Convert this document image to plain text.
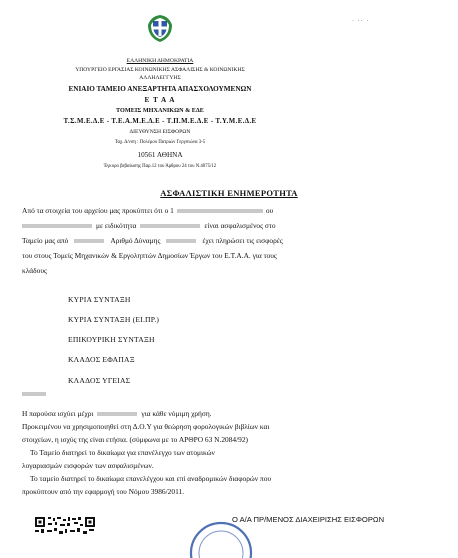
· ·· ·
ΕΛΛΗΝΙΚΗ ΔΗΜΟΚΡΑΤΙΑ
ΥΠΟΥΡΓΕΙΟ ΕΡΓΑΣΙΑΣ ΚΟΙΝΩΝΙΚΗΣ ΑΣΦΑΛΙΣΗΣ & ΚΟΙΝΩΝΙΚΗΣ
ΑΛΛΗΛΕΓΓΥΗΣ
ΕΝΙΑΙΟ ΤΑΜΕΙΟ ΑΝΕΞΑΡΤΗΤΑ ΑΠΑΣΧΟΛΟΥΜΕΝΩΝ
Ε Τ Α Α
ΤΟΜΕΙΣ ΜΗΧΑΝΙΚΩΝ & ΕΔΕ
Τ.Σ.Μ.Ε.Δ.Ε - Τ.Ε.Α.Μ.Ε.Δ.Ε - Τ.Π.Μ.Ε.Δ.Ε - Τ.Υ.Μ.Ε.Δ.Ε
ΔΙΕΥΘΥΝΣΗ ΕΙΣΦΟΡΩΝ
Ταχ. Δ/νση : Πολέμου Πατριών Γεργσιώνα 3-5
10561 ΑΘΗΝΑ
Έγκυρο βεβαίωσης Παρ.12 του Άρθρου 24 του Ν.4075/12
ΑΣΦΑΛΙΣΤΙΚΗ ΕΝΗΜΕΡΟΤΗΤΑ
Από τα στοιχεία του αρχείου μας προκύπτει ότι ο 1	ου
με ειδικότητα	είναι ασφαλισμένος στο
Ταμείο μας από	Αριθμό Δύναμης	έχει πληρώσει τις εισφορές
του στους Τομείς Μηχανικών & Εργοληπτών Δημοσίων Έργων του Ε.Τ.Α.Α. για τους
κλάδους
ΚΥΡΙΑ ΣΥΝΤΑΞΗ
ΚΥΡΙΑ ΣΥΝΤΑΞΗ (ΕΙ.ΠΡ.)
ΕΠΙΚΟΥΡΙΚΗ ΣΥΝΤΑΞΗ
ΚΛΑΔΟΣ ΕΦΑΠΑΞ
ΚΛΑΔΟΣ ΥΓΕΙΑΣ
Η παρούσα ισχύει μέχρι	για κάθε νόμιμη χρήση.
Προκειμένου να χρησιμοποιηθεί στη Δ.Ο.Υ για θεώρηση φορολογικών βιβλίων και
στοιχείων, η ισχύς της είναι ετήσια. (σύμφωνα με το ΑΡΘΡΟ 63 Ν.2084/92)
Το Ταμείο διατηρεί το δικαίωμα για επανέλεγχο των ατομικών
λογαριασμών εισφορών των ασφαλισμένων.
Το ταμείο διατηρεί το δικαίωμα επανελέγχου και επί αναδρομικών διαφορών που
προκύπτουν από την εφαρμογή του Νόμου 3986/2011.
Ο Α/Α ΠΡ/ΜΕΝΟΣ ΔΙΑΧΕΙΡΙΣΗΣ ΕΙΣΦΟΡΩΝ
